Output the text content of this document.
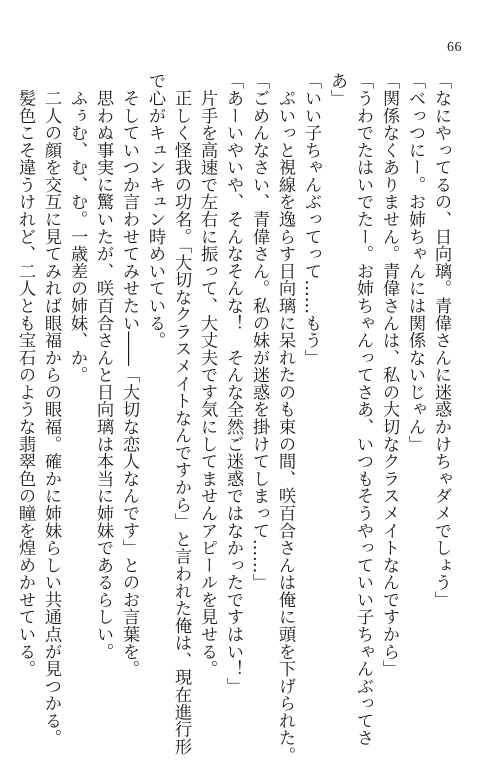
66
「なにやってるの、日向璃。青偉さんに迷惑かけちゃダメでしょう」
「べっつにー。お姉ちゃんには関係ないじゃん」
「関係なくありません。青偉さんは、私の大切なクラスメイトなんですから」
「うわでたはいでたー。お姉ちゃんってさあ、いつもそうやっていい子ちゃんぶってさ
あ」
「いい子ちゃんぶってって……もう」
　ぷいっと視線を逸らす日向璃に呆れたのも束の間、咲百合さんは俺に頭を下げられた。
「ごめんなさい、青偉さん。私の妹が迷惑を掛けてしまって……」
「あーいやいや、そんなそんな！　そんな全然ご迷惑ではなかったですはい！」
　片手を高速で左右に振って、大丈夫です気にしてませんアピールを見せる。
　正しく怪我の功名。「大切なクラスメイトなんですから」と言われた俺は、現在進行形
で心がキュンキュン時めいている。
　そしていつか言わせてみせたい――「大切な恋人なんです」とのお言葉を。
　思わぬ事実に驚いたが、咲百合さんと日向璃は本当に姉妹であるらしい。
　ふぅむ、む、む。一歳差の姉妹、か。
　二人の顔を交互に見てみれば眼福からの眼福。確かに姉妹らしい共通点が見つかる。
　髪色こそ違うけれど、二人とも宝石のような翡翠色の瞳を煌めかせている。
